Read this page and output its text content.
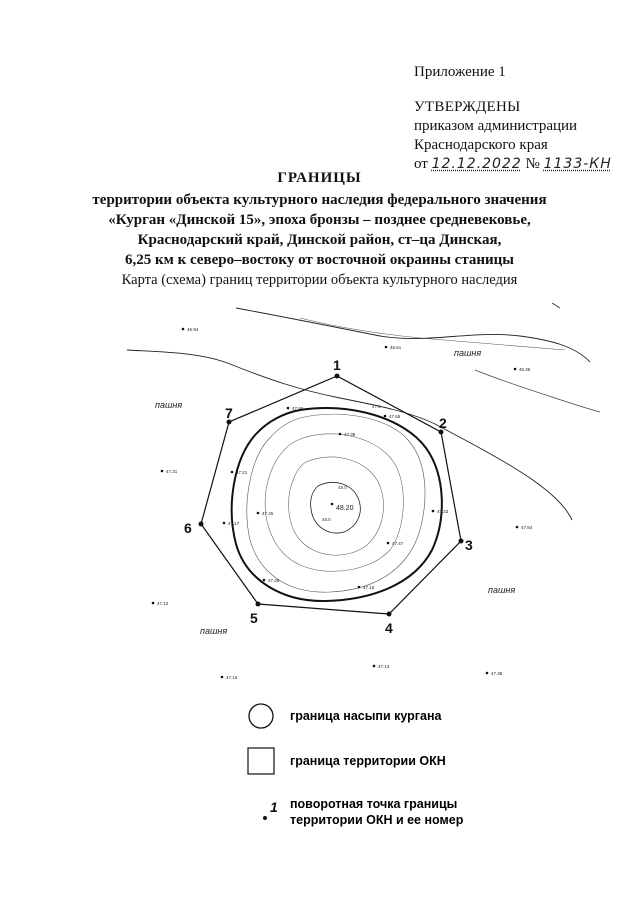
Приложение 1
УТВЕРЖДЕНЫ
приказом администрации
Краснодарского края
от 12.12.2022 № 1133-КН
ГРАНИЦЫ
территории объекта культурного наследия федерального значения
«Курган «Динской 15», эпоха бронзы – позднее средневековье,
Краснодарский край, Динской район, ст–ца Динская,
6,25 км к северо–востоку от восточной окраины станицы
Карта (схема) границ территории объекта культурного наследия
1
2
3
4
5
6
7
пашня
пашня
пашня
пашня
46.94
46.61
46.36
47.86
47.65
47.38
47.21
47.31
47.45
48.20	47.23
47.84
47.17
47.47
47.28
47.16
47.12
47.13
47.15
47.36
47.5
48.0
48.0
граница насыпи кургана
граница территории ОКН
1 поворотная точка границы
территории ОКН и ее номер
